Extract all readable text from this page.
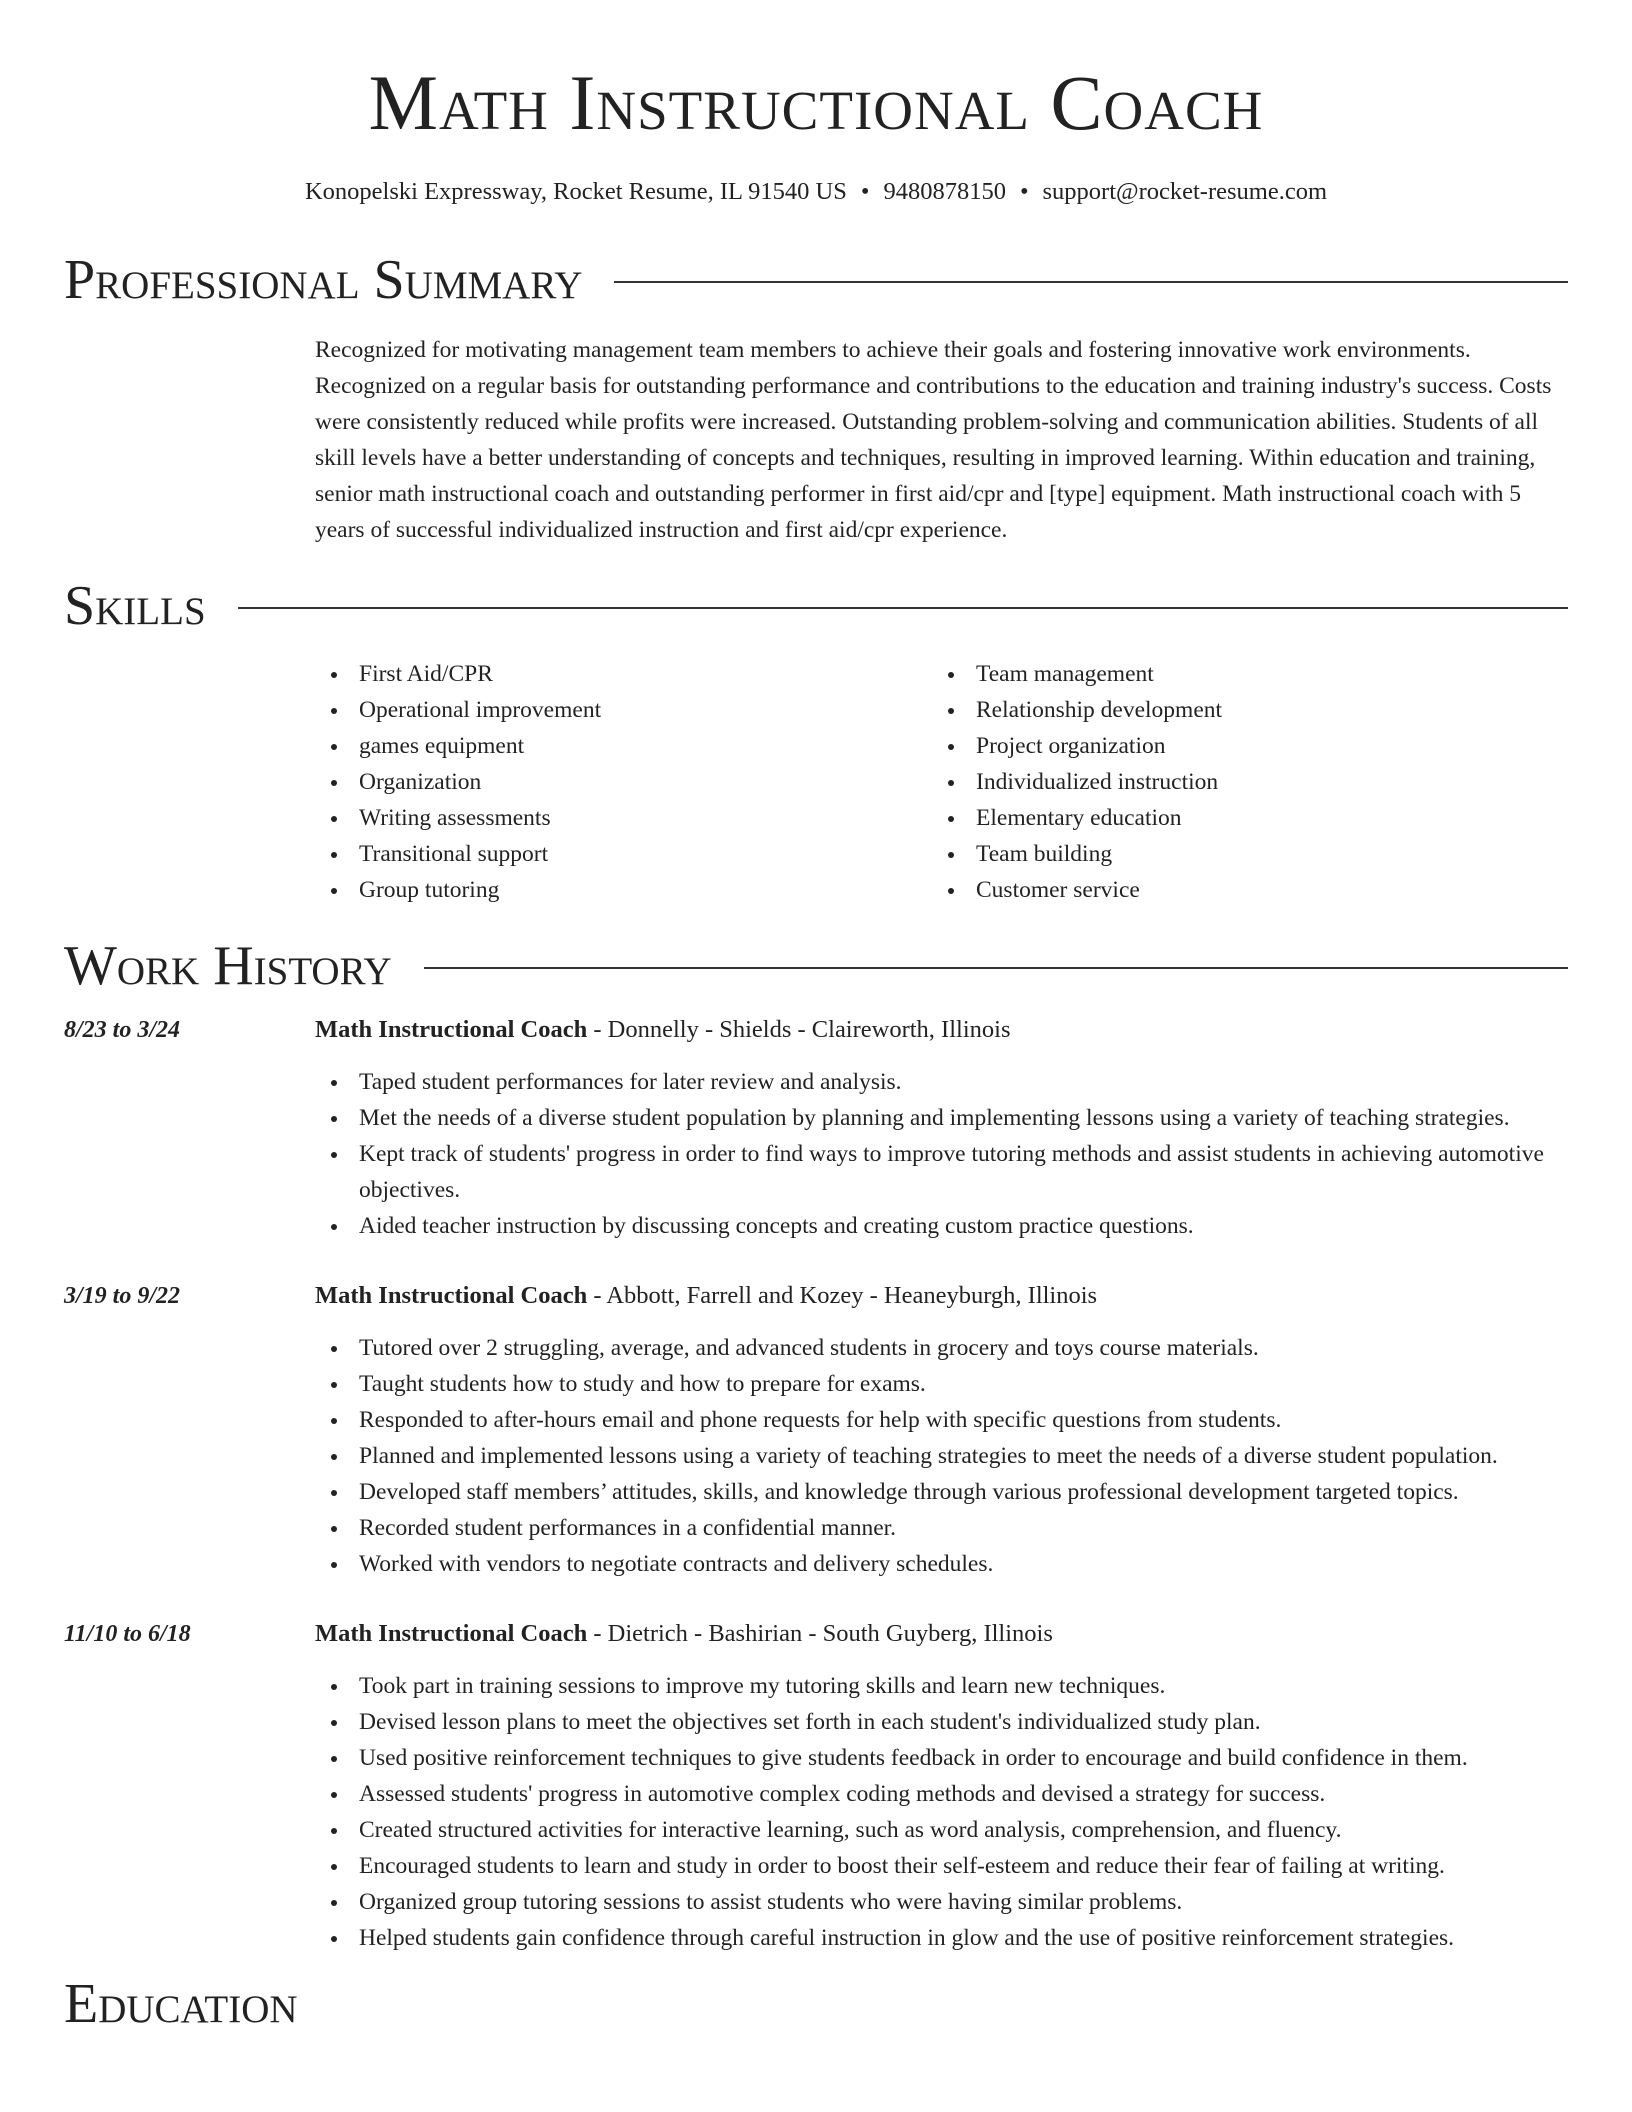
Math Instructional Coach
Konopelski Expressway, Rocket Resume, IL 91540 US • 9480878150 • support@rocket-resume.com
Professional Summary
Recognized for motivating management team members to achieve their goals and fostering innovative work environments. Recognized on a regular basis for outstanding performance and contributions to the education and training industry's success. Costs were consistently reduced while profits were increased. Outstanding problem-solving and communication abilities. Students of all skill levels have a better understanding of concepts and techniques, resulting in improved learning. Within education and training, senior math instructional coach and outstanding performer in first aid/cpr and [type] equipment. Math instructional coach with 5 years of successful individualized instruction and first aid/cpr experience.
Skills
First Aid/CPR
Operational improvement
games equipment
Organization
Writing assessments
Transitional support
Group tutoring
Team management
Relationship development
Project organization
Individualized instruction
Elementary education
Team building
Customer service
Work History
8/23 to 3/24	Math Instructional Coach - Donnelly - Shields - Claireworth, Illinois
Taped student performances for later review and analysis.
Met the needs of a diverse student population by planning and implementing lessons using a variety of teaching strategies.
Kept track of students' progress in order to find ways to improve tutoring methods and assist students in achieving automotive objectives.
Aided teacher instruction by discussing concepts and creating custom practice questions.
3/19 to 9/22	Math Instructional Coach - Abbott, Farrell and Kozey - Heaneyburgh, Illinois
Tutored over 2 struggling, average, and advanced students in grocery and toys course materials.
Taught students how to study and how to prepare for exams.
Responded to after-hours email and phone requests for help with specific questions from students.
Planned and implemented lessons using a variety of teaching strategies to meet the needs of a diverse student population.
Developed staff members’ attitudes, skills, and knowledge through various professional development targeted topics.
Recorded student performances in a confidential manner.
Worked with vendors to negotiate contracts and delivery schedules.
11/10 to 6/18	Math Instructional Coach - Dietrich - Bashirian - South Guyberg, Illinois
Took part in training sessions to improve my tutoring skills and learn new techniques.
Devised lesson plans to meet the objectives set forth in each student's individualized study plan.
Used positive reinforcement techniques to give students feedback in order to encourage and build confidence in them.
Assessed students' progress in automotive complex coding methods and devised a strategy for success.
Created structured activities for interactive learning, such as word analysis, comprehension, and fluency.
Encouraged students to learn and study in order to boost their self-esteem and reduce their fear of failing at writing.
Organized group tutoring sessions to assist students who were having similar problems.
Helped students gain confidence through careful instruction in glow and the use of positive reinforcement strategies.
Education
